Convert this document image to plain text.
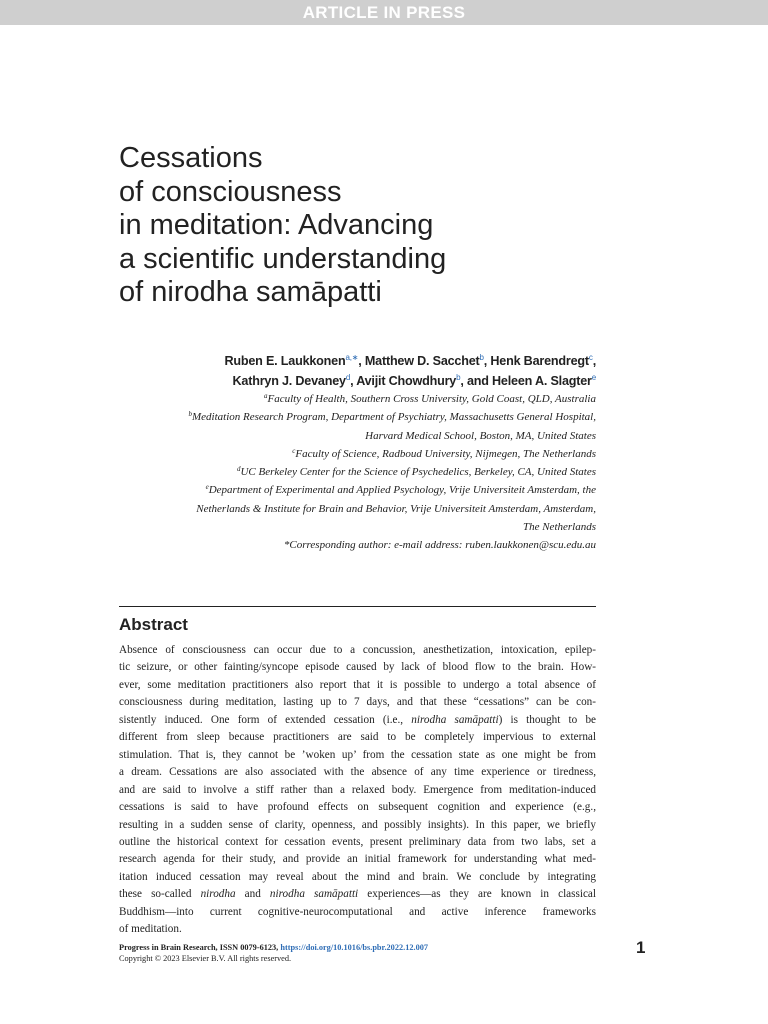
ARTICLE IN PRESS
Cessations
of consciousness
in meditation: Advancing
a scientific understanding
of nirodha samāpatti
Ruben E. Laukkonen$^{a,∗}$, Matthew D. Sacchet$^b$, Henk Barendregt$^c$,
Kathryn J. Devaney$^d$, Avijit Chowdhury$^b$, and Heleen A. Slagter$^e$
$^a$Faculty of Health, Southern Cross University, Gold Coast, QLD, Australia
$^b$Meditation Research Program, Department of Psychiatry, Massachusetts General Hospital,
Harvard Medical School, Boston, MA, United States
$^c$Faculty of Science, Radboud University, Nijmegen, The Netherlands
$^d$UC Berkeley Center for the Science of Psychedelics, Berkeley, CA, United States
$^e$Department of Experimental and Applied Psychology, Vrije Universiteit Amsterdam, the
Netherlands & Institute for Brain and Behavior, Vrije Universiteit Amsterdam, Amsterdam,
The Netherlands
*Corresponding author: e-mail address: ruben.laukkonen@scu.edu.au
Abstract
Absence of consciousness can occur due to a concussion, anesthetization, intoxication, epilep-
tic seizure, or other fainting/syncope episode caused by lack of blood flow to the brain. How-
ever, some meditation practitioners also report that it is possible to undergo a total absence of
consciousness during meditation, lasting up to 7 days, and that these “cessations” can be con-
sistently induced. One form of extended cessation (i.e., nirodha samāpatti) is thought to be
different from sleep because practitioners are said to be completely impervious to external
stimulation. That is, they cannot be ’woken up’ from the cessation state as one might be from
a dream. Cessations are also associated with the absence of any time experience or tiredness,
and are said to involve a stiff rather than a relaxed body. Emergence from meditation-induced
cessations is said to have profound effects on subsequent cognition and experience (e.g.,
resulting in a sudden sense of clarity, openness, and possibly insights). In this paper, we briefly
outline the historical context for cessation events, present preliminary data from two labs, set a
research agenda for their study, and provide an initial framework for understanding what med-
itation induced cessation may reveal about the mind and brain. We conclude by integrating
these so-called nirodha and nirodha samāpatti experiences—as they are known in classical
Buddhism—into current cognitive-neurocomputational and active inference frameworks
of meditation.
Progress in Brain Research, ISSN 0079-6123, https://doi.org/10.1016/bs.pbr.2022.12.007
Copyright © 2023 Elsevier B.V. All rights reserved.
1
